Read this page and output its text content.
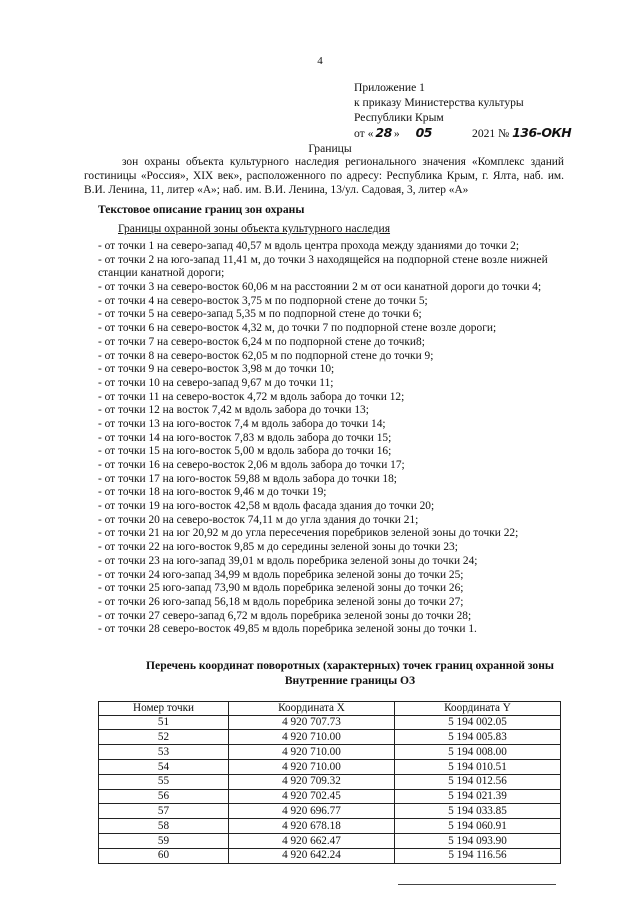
4
Приложение 1
к приказу Министерства культуры
Республики Крым
от « 28 » 05	2021 № 136-ОКН
Границы
зон охраны объекта культурного наследия регионального значения «Комплекс зданий гостиницы «Россия», XIX век», расположенного по адресу: Республика Крым, г. Ялта, наб. им. В.И. Ленина, 11, литер «А»; наб. им. В.И. Ленина, 13/ул. Садовая, 3, литер «А»
Текстовое описание границ зон охраны
Границы охранной зоны объекта культурного наследия
- от точки 1 на северо-запад 40,57 м вдоль центра прохода между зданиями до точки 2;
- от точки 2 на юго-запад 11,41 м, до точки 3 находящейся на подпорной стене возле нижней станции канатной дороги;
- от точки 3 на северо-восток 60,06 м на расстоянии 2 м от оси канатной дороги до точки 4;
- от точки 4 на северо-восток 3,75 м по подпорной стене до точки 5;
- от точки 5 на северо-запад 5,35 м по подпорной стене до точки 6;
- от точки 6 на северо-восток 4,32 м, до точки 7 по подпорной стене возле дороги;
- от точки 7 на северо-восток 6,24 м по подпорной стене до точки8;
- от точки 8 на северо-восток 62,05 м по подпорной стене до точки 9;
- от точки 9 на северо-восток 3,98 м до точки 10;
- от точки 10 на северо-запад 9,67 м до точки 11;
- от точки 11 на северо-восток 4,72 м вдоль забора до точки 12;
- от точки 12 на восток 7,42 м вдоль забора до точки 13;
- от точки 13 на юго-восток 7,4 м вдоль забора до точки 14;
- от точки 14 на юго-восток 7,83 м вдоль забора до точки 15;
- от точки 15 на юго-восток 5,00 м вдоль забора до точки 16;
- от точки 16 на северо-восток 2,06 м вдоль забора до точки 17;
- от точки 17 на юго-восток 59,88 м вдоль забора до точки 18;
- от точки 18 на юго-восток 9,46 м до точки 19;
- от точки 19 на юго-восток 42,58 м вдоль фасада здания до точки 20;
- от точки 20 на северо-восток 74,11 м до угла здания до точки 21;
- от точки 21 на юг 20,92 м до угла пересечения поребриков зеленой зоны до точки 22;
- от точки 22 на юго-восток 9,85 м до середины зеленой зоны до точки 23;
- от точки 23 на юго-запад 39,01 м вдоль поребрика зеленой зоны до точки 24;
- от точки 24 юго-запад 34,99 м вдоль поребрика зеленой зоны до точки 25;
- от точки 25 юго-запад 73,90 м вдоль поребрика зеленой зоны до точки 26;
- от точки 26 юго-запад 56,18 м вдоль поребрика зеленой зоны до точки 27;
- от точки 27 северо-запад 6,72 м вдоль поребрика зеленой зоны до точки 28;
- от точки 28 северо-восток 49,85 м вдоль поребрика зеленой зоны до точки 1.
Перечень координат поворотных (характерных) точек границ охранной зоны
Внутренние границы ОЗ
Номер точки	Координата X	Координата Y
51	4 920 707.73	5 194 002.05
52	4 920 710.00	5 194 005.83
53	4 920 710.00	5 194 008.00
54	4 920 710.00	5 194 010.51
55	4 920 709.32	5 194 012.56
56	4 920 702.45	5 194 021.39
57	4 920 696.77	5 194 033.85
58	4 920 678.18	5 194 060.91
59	4 920 662.47	5 194 093.90
60	4 920 642.24	5 194 116.56
